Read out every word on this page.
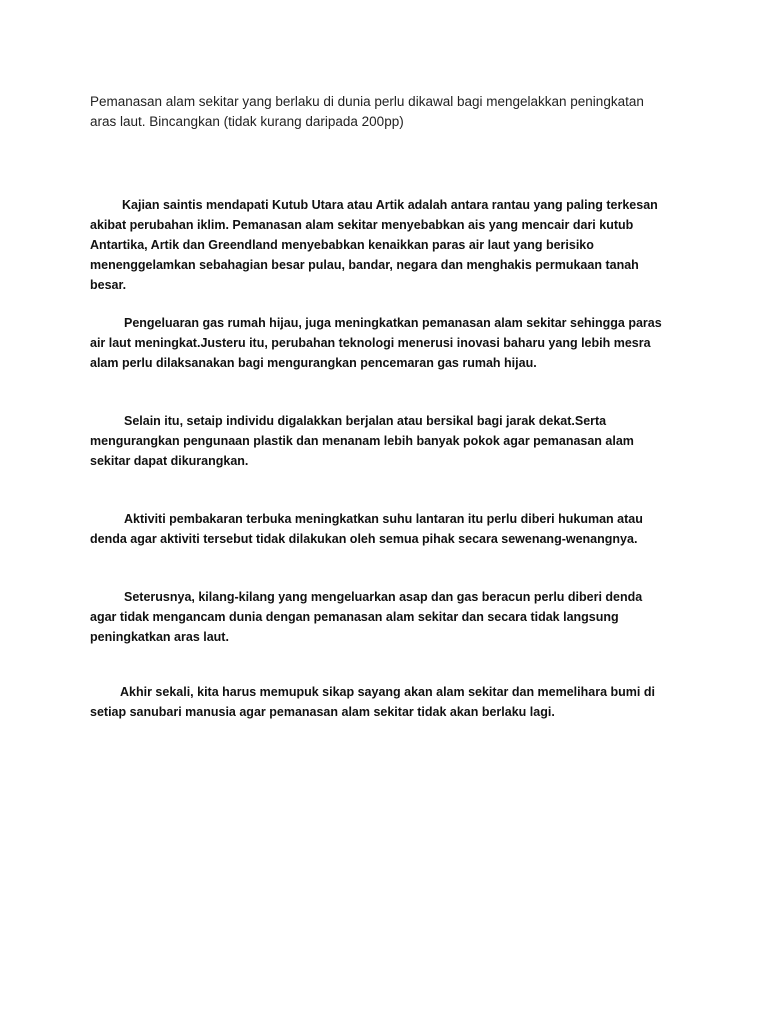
Pemanasan alam sekitar yang berlaku di dunia perlu dikawal bagi mengelakkan peningkatan aras laut. Bincangkan (tidak kurang daripada 200pp)

Kajian saintis mendapati Kutub Utara atau Artik adalah antara rantau yang paling terkesan akibat perubahan iklim. Pemanasan alam sekitar menyebabkan ais yang mencair dari kutub Antartika, Artik dan Greendland menyebabkan kenaikkan paras air laut yang berisiko menenggelamkan sebahagian besar pulau, bandar, negara dan menghakis permukaan tanah besar.

Pengeluaran gas rumah hijau, juga meningkatkan pemanasan alam sekitar sehingga paras air laut meningkat.Justeru itu, perubahan teknologi menerusi inovasi baharu yang lebih mesra alam perlu dilaksanakan bagi mengurangkan pencemaran gas rumah hijau.

Selain itu, setaip individu digalakkan berjalan atau bersikal bagi jarak dekat.Serta mengurangkan pengunaan plastik dan menanam lebih banyak pokok agar pemanasan alam sekitar dapat dikurangkan.

Aktiviti pembakaran terbuka meningkatkan suhu lantaran itu perlu diberi hukuman atau denda agar aktiviti tersebut tidak dilakukan oleh semua pihak secara sewenang-wenangnya.

Seterusnya, kilang-kilang yang mengeluarkan asap dan gas beracun perlu diberi denda agar tidak mengancam dunia dengan pemanasan alam sekitar dan secara tidak langsung peningkatkan aras laut.

Akhir sekali, kita harus memupuk sikap sayang akan alam sekitar dan memelihara bumi di setiap sanubari manusia agar pemanasan alam sekitar tidak akan berlaku lagi.
